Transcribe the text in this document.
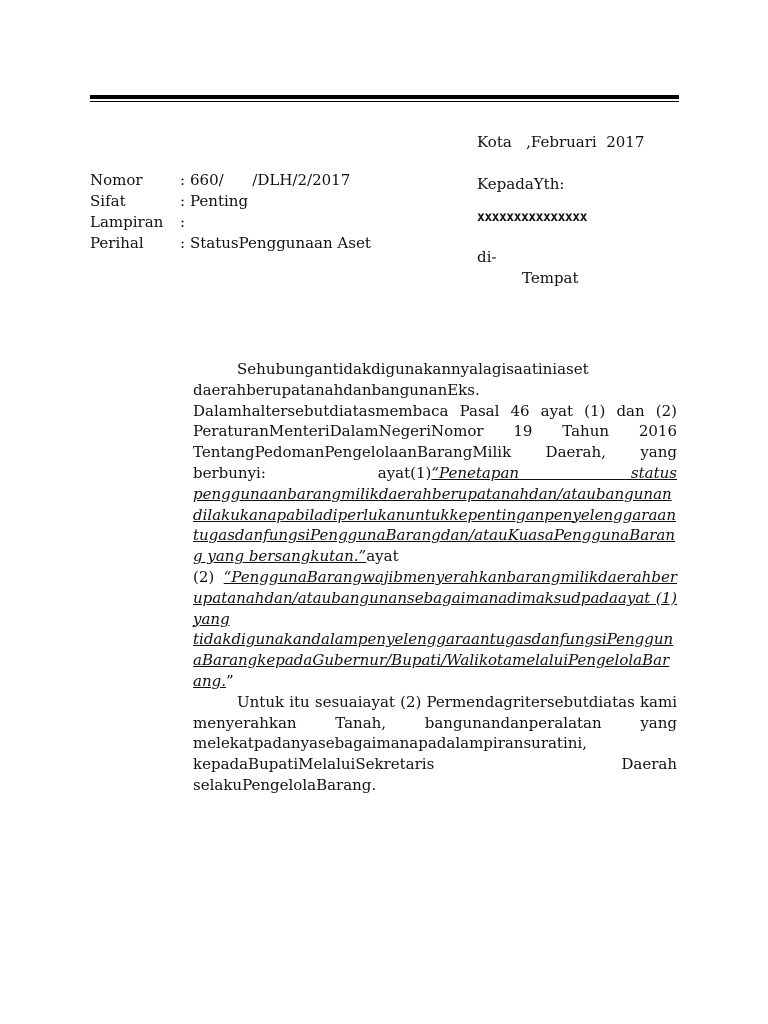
Nomor	: 660/      /DLH/2/2017
Sifat	: Penting
Lampiran	:
Perihal	: StatusPenggunaan Aset
Kota   ,Februari  2017
KepadaYth:
xxxxxxxxxxxxxxx
di-
Tempat

Sehubungantidakdigunakannyalagisaatiniaset

daerahberupatanahdanbangunanEks.

Dalamhaltersebutdiatasmembaca Pasal 46 ayat (1) dan (2) PeraturanMenteriDalamNegeriNomor 19 Tahun 2016 TentangPedomanPengelolaanBarangMilik Daerah, yang berbunyi: ayat(1)“Penetapan status penggunaanbarangmilikdaerahberupatanahdan/ataubangunandilakukanapabiladiperlukanuntukkepentinganpenyelenggaraantugasdanfungsiPenggunaBarangdan/atauKuasaPenggunaBarang yang bersangkutan.”ayat

(2) “PenggunaBarangwajibmenyerahkanbarangmilikdaerahberupatanahdan/ataubangunansebagaimanadimaksudpadaayat (1) yang tidakdigunakandalampenyelenggaraantugasdanfungsiPenggunaBarangkepadaGubernur/Bupati/WalikotamelaluiPengelolaBarang.”

Untuk itu sesuaiayat (2) Permendagritersebutdiatas kami menyerahkan Tanah, bangunandanperalatan yang melekatpadanyasebagaimanapadalampiransuratini, kepadaBupatiMelaluiSekretaris Daerah selakuPengelolaBarang.
